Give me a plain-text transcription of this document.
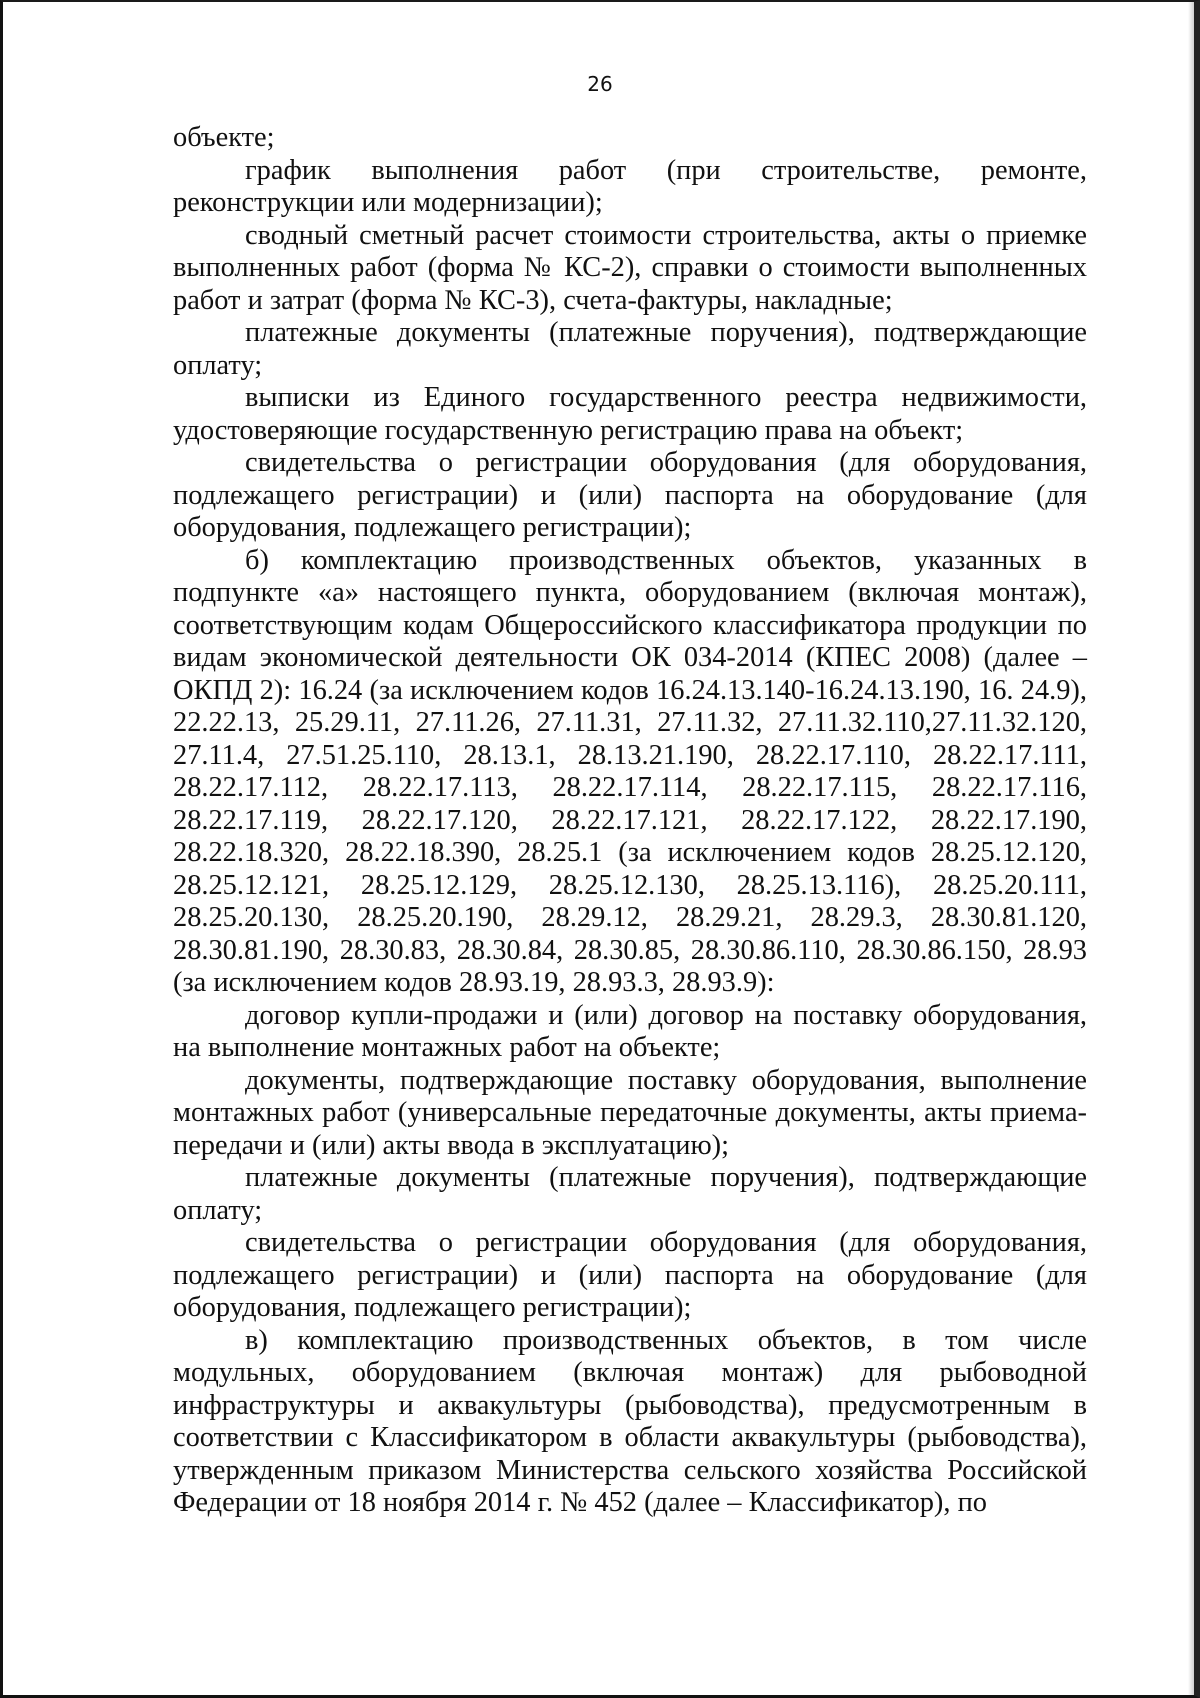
26

объекте;

график выполнения работ (при строительстве, ремонте, реконструкции или модернизации);

сводный сметный расчет стоимости строительства, акты о приемке выполненных работ (форма № КС-2), справки о стоимости выполненных работ и затрат (форма № КС-3), счета-фактуры, накладные;

платежные документы (платежные поручения), подтверждающие оплату;

выписки из Единого государственного реестра недвижимости, удостоверяющие государственную регистрацию права на объект;

свидетельства о регистрации оборудования (для оборудования, подлежащего регистрации) и (или) паспорта на оборудование (для оборудования, подлежащего регистрации);

б) комплектацию производственных объектов, указанных в подпункте «а» настоящего пункта, оборудованием (включая монтаж), соответствующим кодам Общероссийского классификатора продукции по видам экономической деятельности ОК 034-2014 (КПЕС 2008) (далее – ОКПД 2): 16.24 (за исключением кодов 16.24.13.140-16.24.13.190, 16. 24.9), 22.22.13, 25.29.11, 27.11.26, 27.11.31, 27.11.32, 27.11.32.110,27.11.32.120, 27.11.4, 27.51.25.110, 28.13.1, 28.13.21.190, 28.22.17.110, 28.22.17.111, 28.22.17.112, 28.22.17.113, 28.22.17.114, 28.22.17.115, 28.22.17.116, 28.22.17.119, 28.22.17.120, 28.22.17.121, 28.22.17.122, 28.22.17.190, 28.22.18.320, 28.22.18.390, 28.25.1 (за исключением кодов 28.25.12.120, 28.25.12.121, 28.25.12.129, 28.25.12.130, 28.25.13.116), 28.25.20.111, 28.25.20.130, 28.25.20.190, 28.29.12, 28.29.21, 28.29.3, 28.30.81.120, 28.30.81.190, 28.30.83, 28.30.84, 28.30.85, 28.30.86.110, 28.30.86.150, 28.93 (за исключением кодов 28.93.19, 28.93.3, 28.93.9):

договор купли-продажи и (или) договор на поставку оборудования, на выполнение монтажных работ на объекте;

документы, подтверждающие поставку оборудования, выполнение монтажных работ (универсальные передаточные документы, акты приема-передачи и (или) акты ввода в эксплуатацию);

платежные документы (платежные поручения), подтверждающие оплату;

свидетельства о регистрации оборудования (для оборудования, подлежащего регистрации) и (или) паспорта на оборудование (для оборудования, подлежащего регистрации);

в) комплектацию производственных объектов, в том числе модульных, оборудованием (включая монтаж) для рыбоводной инфраструктуры и аквакультуры (рыбоводства), предусмотренным в соответствии с Классификатором в области аквакультуры (рыбоводства), утвержденным приказом Министерства сельского хозяйства Российской Федерации от 18 ноября 2014 г. № 452 (далее – Классификатор), по
